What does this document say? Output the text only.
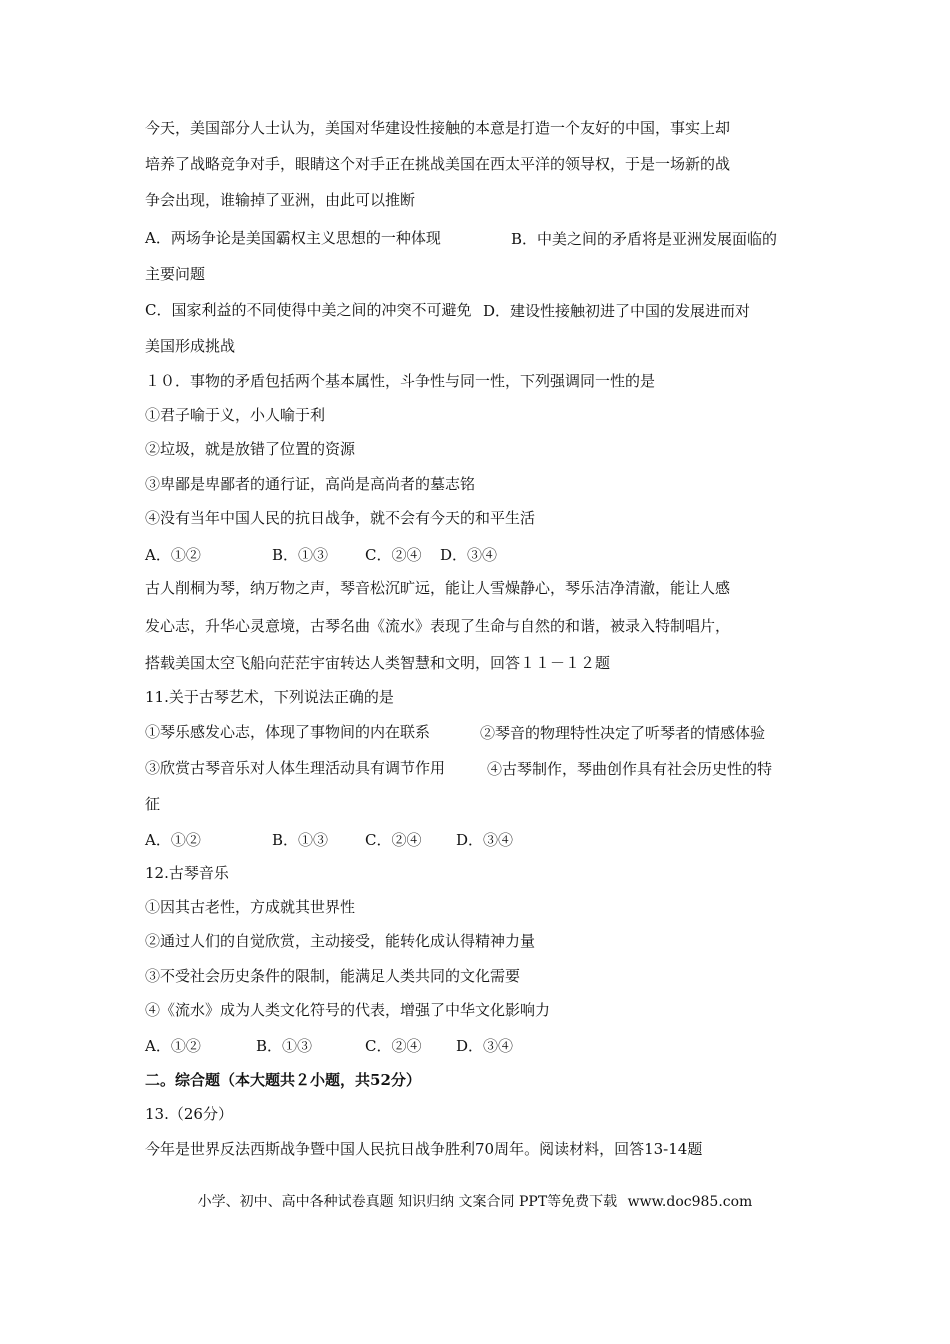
今天，美国部分人士认为，美国对华建设性接触的本意是打造一个友好的中国，事实上却
培养了战略竞争对手，眼睛这个对手正在挑战美国在西太平洋的领导权，于是一场新的战
争会出现，谁输掉了亚洲，由此可以推断
A．两场争论是美国霸权主义思想的一种体现	B．中美之间的矛盾将是亚洲发展面临的
主要问题
C．国家利益的不同使得中美之间的冲突不可避免 D．建设性接触初进了中国的发展进而对
美国形成挑战
１０．事物的矛盾包括两个基本属性，斗争性与同一性，下列强调同一性的是
①君子喻于义，小人喻于利
②垃圾，就是放错了位置的资源
③卑鄙是卑鄙者的通行证，高尚是高尚者的墓志铭
④没有当年中国人民的抗日战争，就不会有今天的和平生活
A．①②	B．①③ C．②④ D．③④
古人削桐为琴，纳万物之声，琴音松沉旷远，能让人雪燥静心，琴乐洁净清澈，能让人感
发心志，升华心灵意境，古琴名曲《流水》表现了生命与自然的和谐，被录入特制唱片，
搭载美国太空飞船向茫茫宇宙转达人类智慧和文明，回答１１－１２题
11.关于古琴艺术，下列说法正确的是
①琴乐感发心志，体现了事物间的内在联系	②琴音的物理特性决定了听琴者的情感体验
③欣赏古琴音乐对人体生理活动具有调节作用	④古琴制作，琴曲创作具有社会历史性的特
征
A．①②	B．①③ C．②④ D．③④
12.古琴音乐
①因其古老性，方成就其世界性
②通过人们的自觉欣赏，主动接受，能转化成认得精神力量
③不受社会历史条件的限制，能满足人类共同的文化需要
④《流水》成为人类文化符号的代表，增强了中华文化影响力
A．①②	B．①③	C．②④ D．③④
二。综合题（本大题共２小题，共52分）
13.（26分）
今年是世界反法西斯战争暨中国人民抗日战争胜利70周年。阅读材料，回答13-14题
小学、初中、高中各种试卷真题 知识归纳 文案合同 PPT等免费下载 www.doc985.com
